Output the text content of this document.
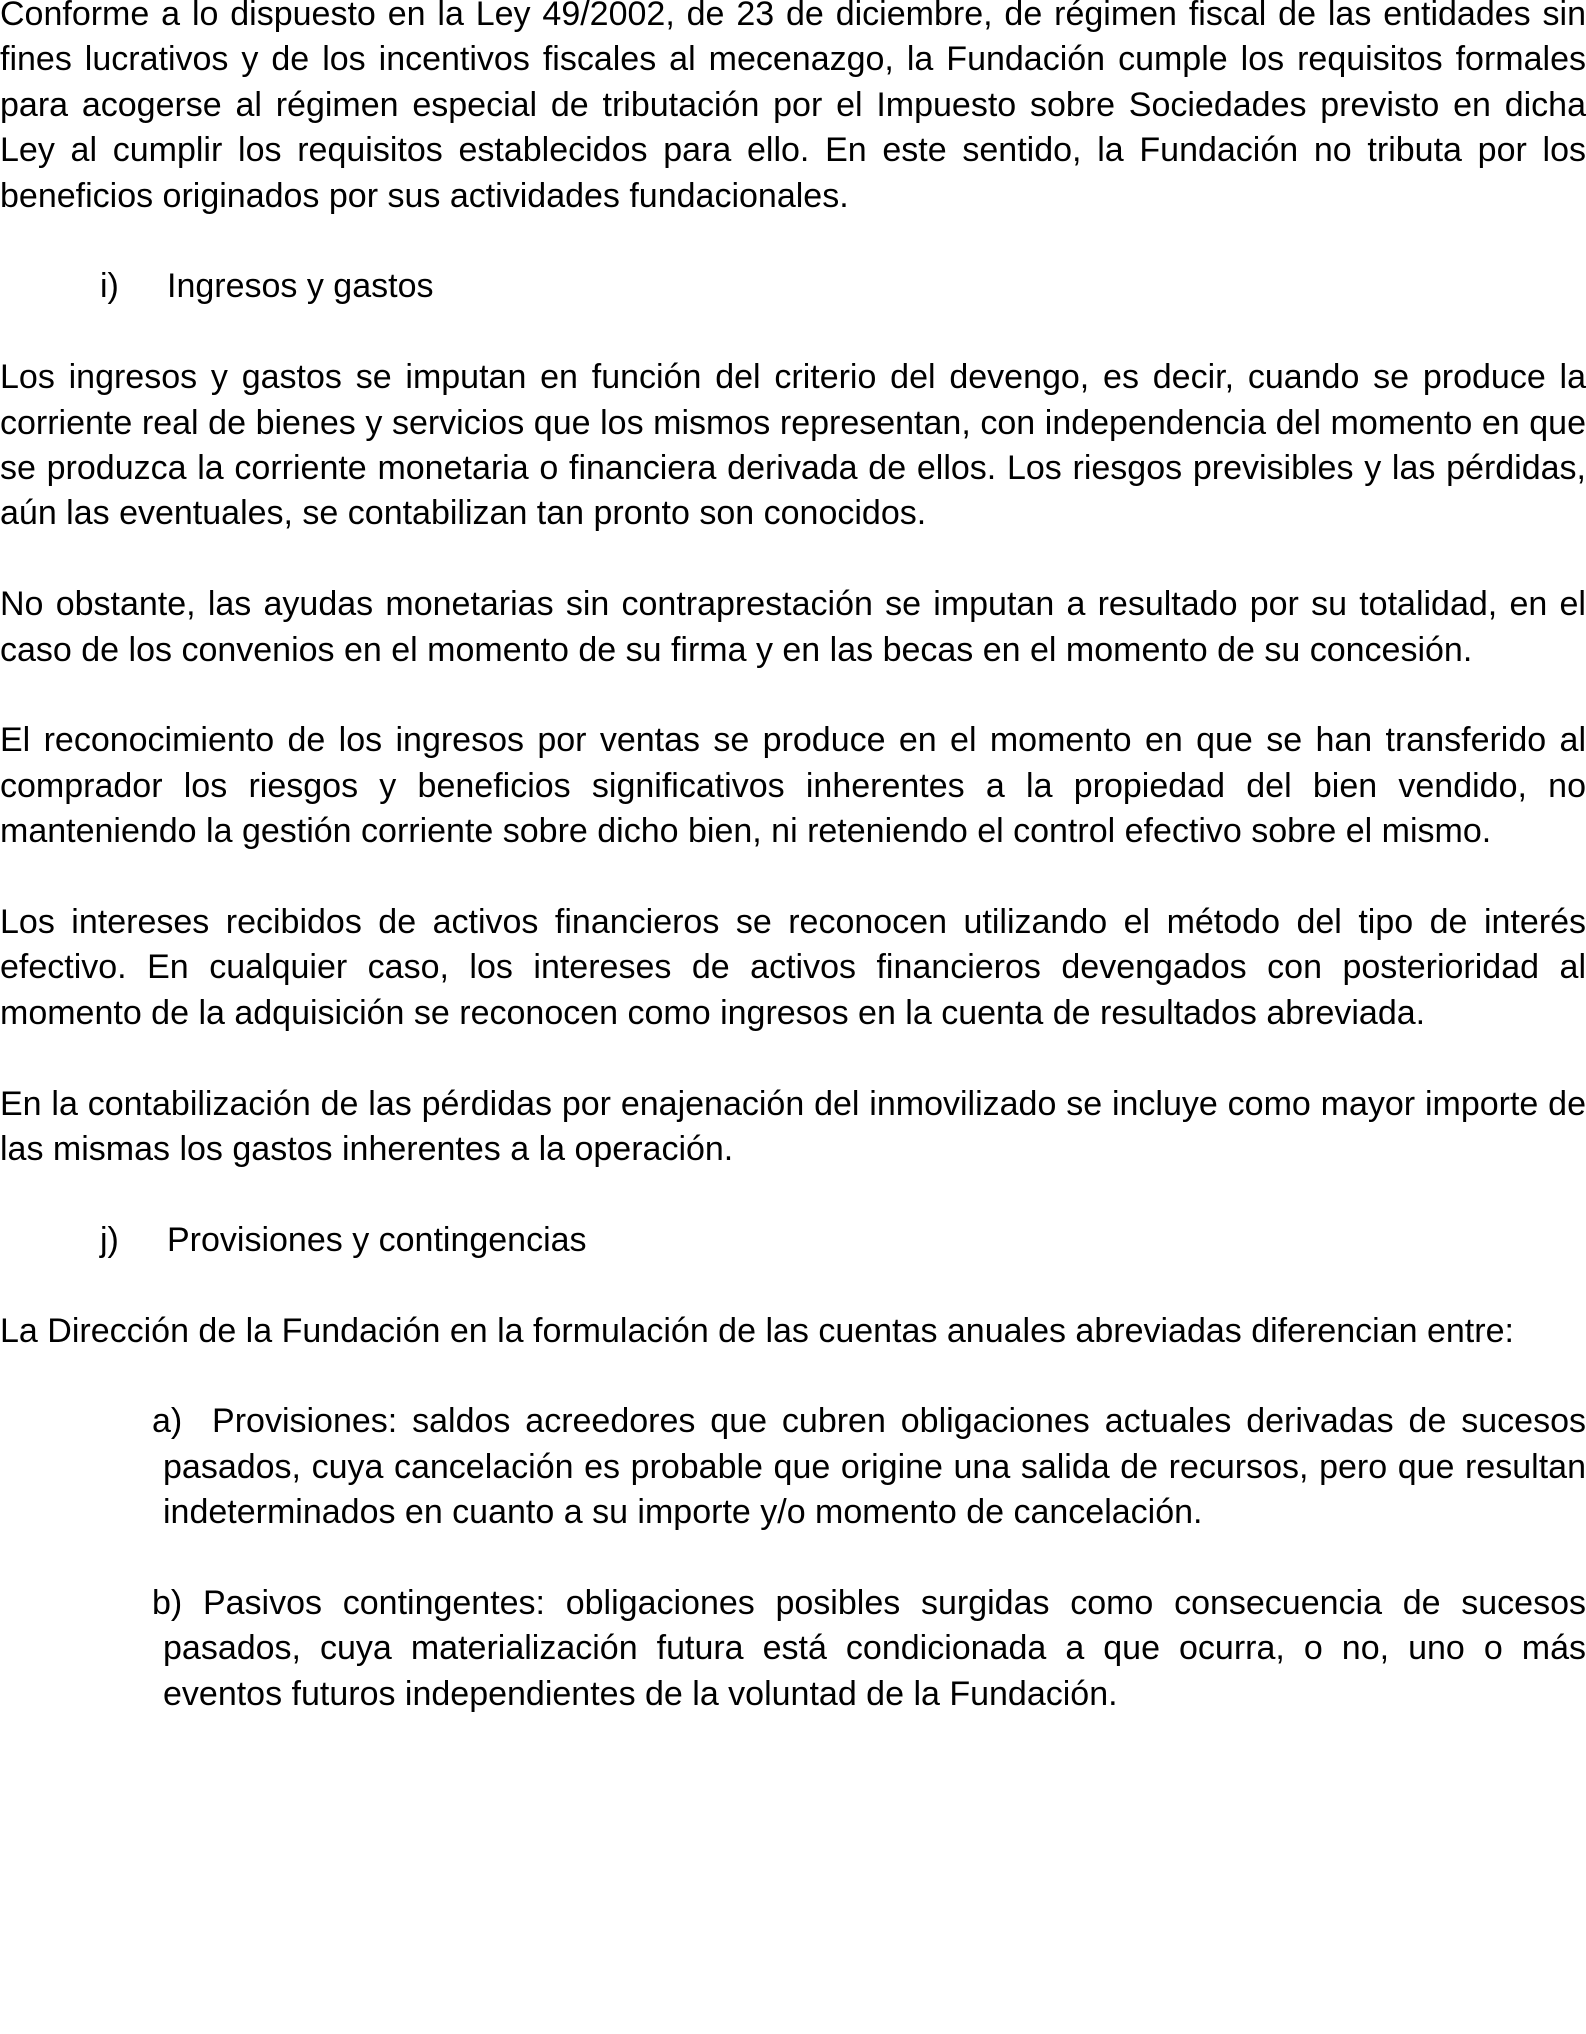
Conforme a lo dispuesto en la Ley 49/2002, de 23 de diciembre, de régimen fiscal de las entidades sin fines lucrativos y de los incentivos fiscales al mecenazgo, la Fundación cumple los requisitos formales para acogerse al régimen especial de tributación por el Impuesto sobre Sociedades previsto en dicha Ley al cumplir los requisitos establecidos para ello. En este sentido, la Fundación no tributa por los beneficios originados por sus actividades fundacionales.

i) Ingresos y gastos

Los ingresos y gastos se imputan en función del criterio del devengo, es decir, cuando se produce la corriente real de bienes y servicios que los mismos representan, con independencia del momento en que se produzca la corriente monetaria o financiera derivada de ellos. Los riesgos previsibles y las pérdidas, aún las eventuales, se contabilizan tan pronto son conocidos.

No obstante, las ayudas monetarias sin contraprestación se imputan a resultado por su totalidad, en el caso de los convenios en el momento de su firma y en las becas en el momento de su concesión.

El reconocimiento de los ingresos por ventas se produce en el momento en que se han transferido al comprador los riesgos y beneficios significativos inherentes a la propiedad del bien vendido, no manteniendo la gestión corriente sobre dicho bien, ni reteniendo el control efectivo sobre el mismo.

Los intereses recibidos de activos financieros se reconocen utilizando el método del tipo de interés efectivo. En cualquier caso, los intereses de activos financieros devengados con posterioridad al momento de la adquisición se reconocen como ingresos en la cuenta de resultados abreviada.

En la contabilización de las pérdidas por enajenación del inmovilizado se incluye como mayor importe de las mismas los gastos inherentes a la operación.

j) Provisiones y contingencias

La Dirección de la Fundación en la formulación de las cuentas anuales abreviadas diferencian entre:

a) Provisiones: saldos acreedores que cubren obligaciones actuales derivadas de sucesos pasados, cuya cancelación es probable que origine una salida de recursos, pero que resultan indeterminados en cuanto a su importe y/o momento de cancelación.

b) Pasivos contingentes: obligaciones posibles surgidas como consecuencia de sucesos pasados, cuya materialización futura está condicionada a que ocurra, o no, uno o más eventos futuros independientes de la voluntad de la Fundación.
